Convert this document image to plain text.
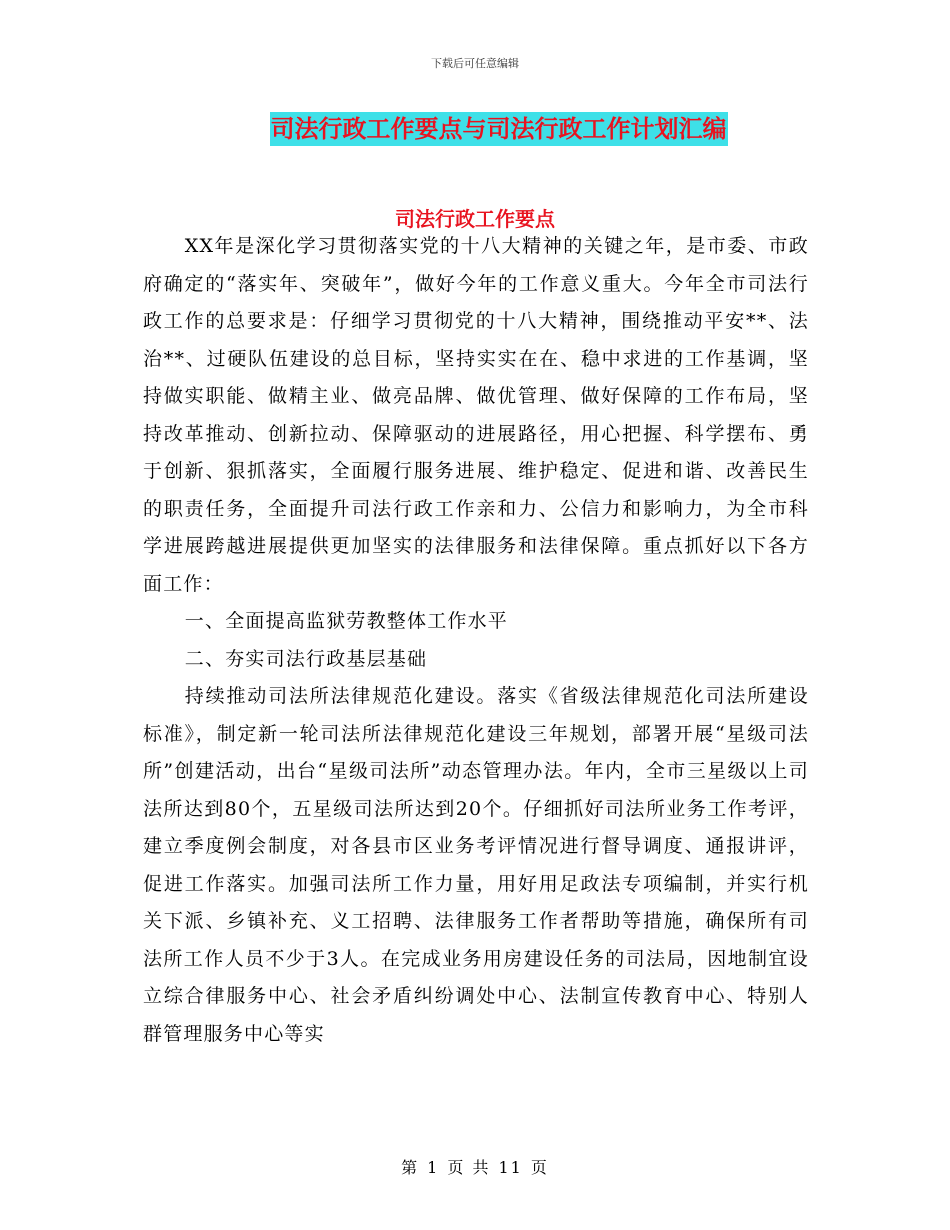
下载后可任意编辑
司法行政工作要点与司法行政工作计划汇编
司法行政工作要点

XX年是深化学习贯彻落实党的十八大精神的关键之年，是市委、市政府确定的“落实年、突破年”，做好今年的工作意义重大。今年全市司法行政工作的总要求是：仔细学习贯彻党的十八大精神，围绕推动平安**、法治**、过硬队伍建设的总目标，坚持实实在在、稳中求进的工作基调，坚持做实职能、做精主业、做亮品牌、做优管理、做好保障的工作布局，坚持改革推动、创新拉动、保障驱动的进展路径，用心把握、科学摆布、勇于创新、狠抓落实，全面履行服务进展、维护稳定、促进和谐、改善民生的职责任务，全面提升司法行政工作亲和力、公信力和影响力，为全市科学进展跨越进展提供更加坚实的法律服务和法律保障。重点抓好以下各方面工作：

一、全面提高监狱劳教整体工作水平

二、夯实司法行政基层基础

持续推动司法所法律规范化建设。落实《省级法律规范化司法所建设标准》，制定新一轮司法所法律规范化建设三年规划，部署开展“星级司法所”创建活动，出台“星级司法所”动态管理办法。年内，全市三星级以上司法所达到80个，五星级司法所达到20个。仔细抓好司法所业务工作考评，建立季度例会制度，对各县市区业务考评情况进行督导调度、通报讲评，促进工作落实。加强司法所工作力量，用好用足政法专项编制，并实行机关下派、乡镇补充、义工招聘、法律服务工作者帮助等措施，确保所有司法所工作人员不少于3人。在完成业务用房建设任务的司法局，因地制宜设立综合律服务中心、社会矛盾纠纷调处中心、法制宣传教育中心、特别人群管理服务中心等实

第 1 页 共 11 页
